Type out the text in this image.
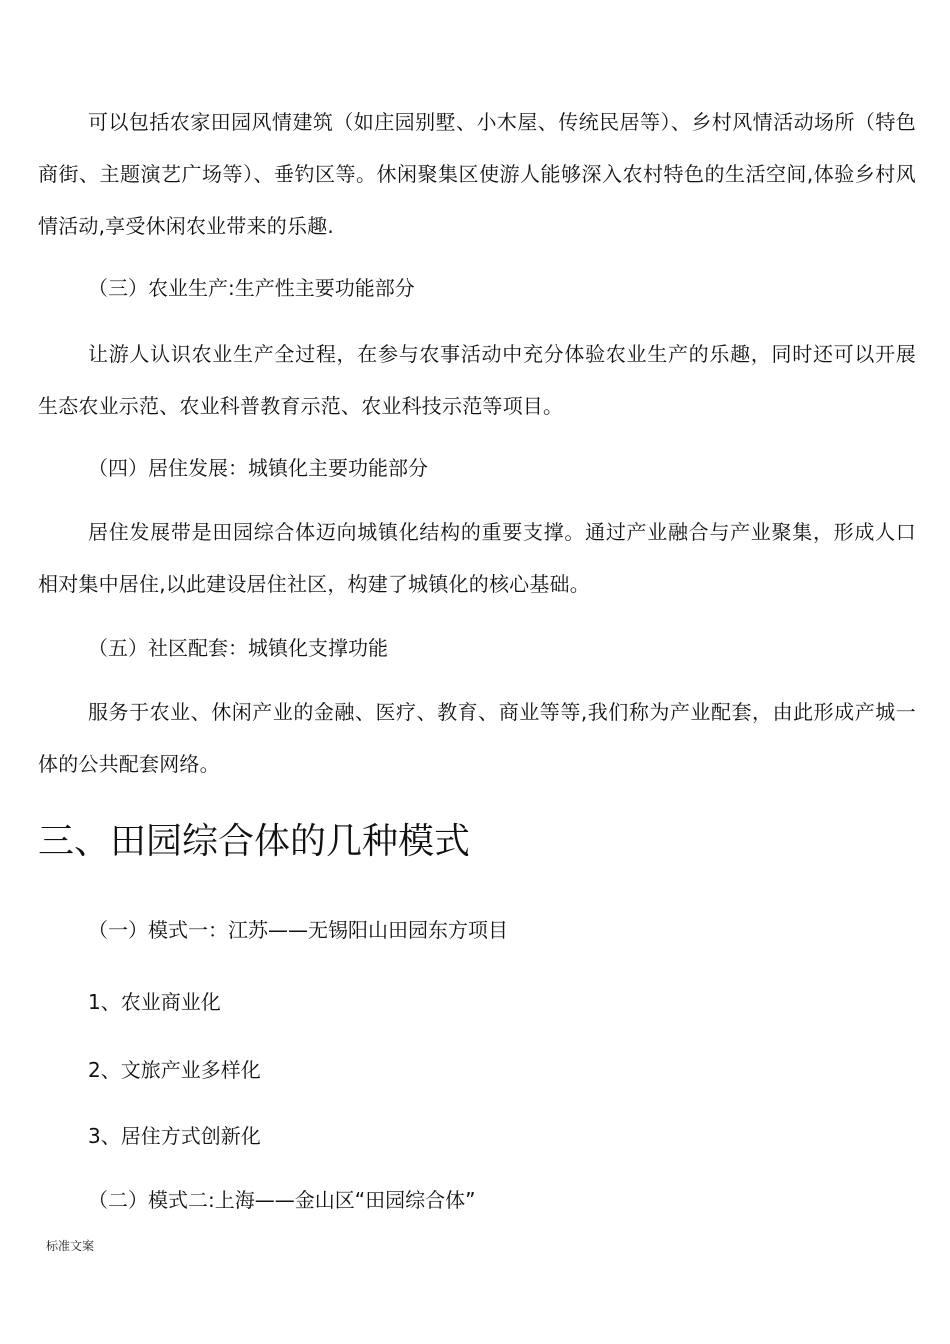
可以包括农家田园风情建筑（如庄园别墅、小木屋、传统民居等）、乡村风情活动场所（特色商街、主题演艺广场等）、垂钓区等。休闲聚集区使游人能够深入农村特色的生活空间,体验乡村风情活动,享受休闲农业带来的乐趣.

（三）农业生产:生产性主要功能部分

让游人认识农业生产全过程，在参与农事活动中充分体验农业生产的乐趣，同时还可以开展生态农业示范、农业科普教育示范、农业科技示范等项目。

（四）居住发展：城镇化主要功能部分

居住发展带是田园综合体迈向城镇化结构的重要支撑。通过产业融合与产业聚集，形成人口相对集中居住,以此建设居住社区，构建了城镇化的核心基础。

（五）社区配套：城镇化支撑功能

服务于农业、休闲产业的金融、医疗、教育、商业等等,我们称为产业配套，由此形成产城一体的公共配套网络。

三、田园综合体的几种模式

（一）模式一：江苏——无锡阳山田园东方项目

1、农业商业化

2、文旅产业多样化

3、居住方式创新化

（二）模式二:上海——金山区“田园综合体”

标准文案
